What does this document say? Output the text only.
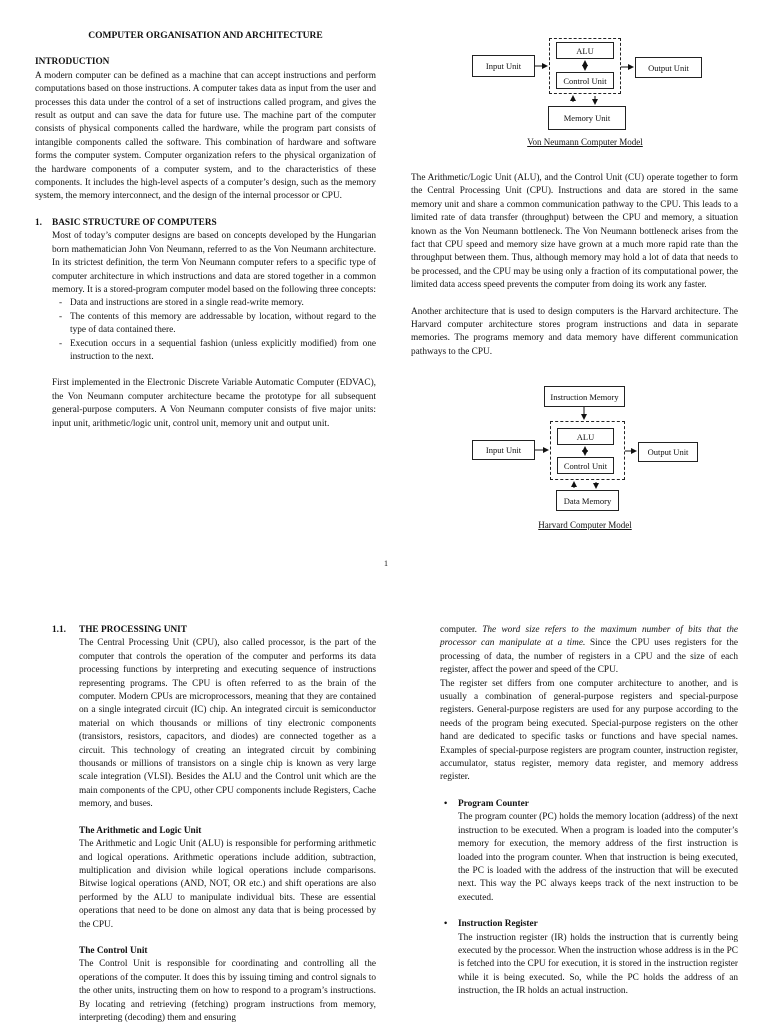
COMPUTER ORGANISATION AND ARCHITECTURE

INTRODUCTION

A modern computer can be defined as a machine that can accept instructions and perform computations based on those instructions. A computer takes data as input from the user and processes this data under the control of a set of instructions called program, and gives the result as output and can save the data for future use. The machine part of the computer consists of physical components called the hardware, while the program part consists of intangible components called the software. This combination of hardware and software forms the computer system. Computer organization refers to the physical organization of the hardware components of a computer system, and to the characteristics of these components. It includes the high-level aspects of a computer’s design, such as the memory system, the memory interconnect, and the design of the internal processor or CPU.

1. BASIC STRUCTURE OF COMPUTERS

Most of today’s computer designs are based on concepts developed by the Hungarian born mathematician John Von Neumann, referred to as the Von Neumann architecture. In its strictest definition, the term Von Neumann computer refers to a specific type of computer architecture in which instructions and data are stored together in a common memory. It is a stored-program computer model based on the following three concepts:

- Data and instructions are stored in a single read-write memory.
- The contents of this memory are addressable by location, without regard to the type of data contained there.
- Execution occurs in a sequential fashion (unless explicitly modified) from one instruction to the next.

First implemented in the Electronic Discrete Variable Automatic Computer (EDVAC), the Von Neumann computer architecture became the prototype for all subsequent general-purpose computers. A Von Neumann computer consists of five major units: input unit, arithmetic/logic unit, control unit, memory unit and output unit.

Input Unit
ALU
Control Unit
Output Unit
Memory Unit
Von Neumann Computer Model

The Arithmetic/Logic Unit (ALU), and the Control Unit (CU) operate together to form the Central Processing Unit (CPU). Instructions and data are stored in the same memory unit and share a common communication pathway to the CPU. This leads to a limited rate of data transfer (throughput) between the CPU and memory, a situation known as the Von Neumann bottleneck. The Von Neumann bottleneck arises from the fact that CPU speed and memory size have grown at a much more rapid rate than the throughput between them. Thus, although memory may hold a lot of data that needs to be processed, and the CPU may be using only a fraction of its computational power, the limited data access speed prevents the computer from doing its work any faster.

Another architecture that is used to design computers is the Harvard architecture. The Harvard computer architecture stores program instructions and data in separate memories. The programs memory and data memory have different communication pathways to the CPU.

Instruction Memory
Input Unit
ALU
Control Unit
Output Unit
Data Memory
Harvard Computer Model
1

1.1. THE PROCESSING UNIT

The Central Processing Unit (CPU), also called processor, is the part of the computer that controls the operation of the computer and performs its data processing functions by interpreting and executing sequence of instructions representing programs. The CPU is often referred to as the brain of the computer. Modern CPUs are microprocessors, meaning that they are contained on a single integrated circuit (IC) chip. An integrated circuit is semiconductor material on which thousands or millions of tiny electronic components (transistors, resistors, capacitors, and diodes) are connected together as a circuit. This technology of creating an integrated circuit by combining thousands or millions of transistors on a single chip is known as very large scale integration (VLSI). Besides the ALU and the Control unit which are the main components of the CPU, other CPU components include Registers, Cache memory, and buses.

The Arithmetic and Logic Unit

The Arithmetic and Logic Unit (ALU) is responsible for performing arithmetic and logical operations. Arithmetic operations include addition, subtraction, multiplication and division while logical operations include comparisons. Bitwise logical operations (AND, NOT, OR etc.) and shift operations are also performed by the ALU to manipulate individual bits. These are essential operations that need to be done on almost any data that is being processed by the CPU.

The Control Unit

The Control Unit is responsible for coordinating and controlling all the operations of the computer. It does this by issuing timing and control signals to the other units, instructing them on how to respond to a program’s instructions. By locating and retrieving (fetching) program instructions from memory, interpreting (decoding) them and ensuring

computer. The word size refers to the maximum number of bits that the processor can manipulate at a time. Since the CPU uses registers for the processing of data, the number of registers in a CPU and the size of each register, affect the power and speed of the CPU.

The register set differs from one computer architecture to another, and is usually a combination of general-purpose registers and special-purpose registers. General-purpose registers are used for any purpose according to the needs of the program being executed. Special-purpose registers on the other hand are dedicated to specific tasks or functions and have special names. Examples of special-purpose registers are program counter, instruction register, accumulator, status register, memory data register, and memory address register.

• Program Counter

The program counter (PC) holds the memory location (address) of the next instruction to be executed. When a program is loaded into the computer’s memory for execution, the memory address of the first instruction is loaded into the program counter. When that instruction is being executed, the PC is loaded with the address of the instruction that will be executed next. This way the PC always keeps track of the next instruction to be executed.

• Instruction Register

The instruction register (IR) holds the instruction that is currently being executed by the processor. When the instruction whose address is in the PC is fetched into the CPU for execution, it is stored in the instruction register while it is being executed. So, while the PC holds the address of an instruction, the IR holds an actual instruction.
